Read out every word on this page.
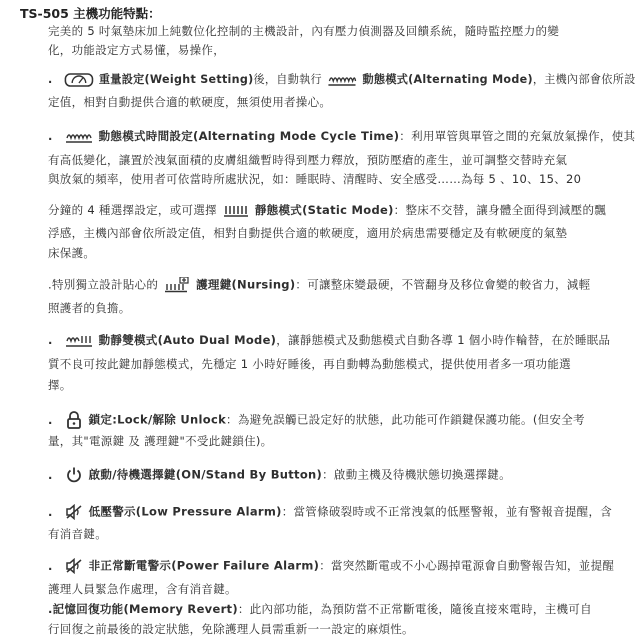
TS-505 主機功能特點：
完美的 5 吋氣墊床加上純數位化控制的主機設計，內有壓力偵測器及回饋系統，隨時監控壓力的變
化，功能設定方式易懂，易操作，
.	重量設定(Weight Setting)後，自動執行	動態模式(Alternating Mode)，主機內部會依所設
定值，相對自動提供合適的軟硬度，無須使用者操心。
.	動態模式時間設定(Alternating Mode Cycle Time)：利用單管與單管之間的充氣放氣操作，使其
有高低變化，讓置於洩氣面積的皮膚組織暫時得到壓力釋放，預防壓瘡的產生，並可調整交替時充氣
與放氣的頻率，使用者可依當時所處狀況，如：睡眠時、清醒時、安全感受……為每 5 、10、15、20
分鐘的 4 種選擇設定，或可選擇	靜態模式(Static Mode)：整床不交替，讓身體全面得到減壓的飄
浮感，主機內部會依所設定值，相對自動提供合適的軟硬度，適用於病患需要穩定及有軟硬度的氣墊
床保護。
.特別獨立設計貼心的	護理鍵(Nursing)：可讓整床變最硬，不管翻身及移位會變的較省力，減輕
照護者的負擔。
.	動靜雙模式(Auto Dual Mode)，讓靜態模式及動態模式自動各導 1 個小時作輪替，在於睡眠品
質不良可按此鍵加靜態模式，先穩定 1 小時好睡後，再自動轉為動態模式，提供使用者多一項功能選
擇。
.	鎖定:Lock/解除 Unlock：為避免誤觸已設定好的狀態，此功能可作鎖鍵保護功能。(但安全考
量，其"電源鍵 及 護理鍵"不受此鍵鎖住)。
.	啟動/待機選擇鍵(ON/Stand By Button)：啟動主機及待機狀態切換選擇鍵。
.	低壓警示(Low Pressure Alarm)：當管條破裂時或不正常洩氣的低壓警報，並有警報音提醒，含
有消音鍵。
.	非正常斷電警示(Power Failure Alarm)：當突然斷電或不小心踢掉電源會自動警報告知，並提醒
護理人員緊急作處理，含有消音鍵。
.記憶回復功能(Memory Revert)：此內部功能，為預防當不正常斷電後，隨後直接來電時，主機可自
行回復之前最後的設定狀態，免除護理人員需重新一一設定的麻煩性。
